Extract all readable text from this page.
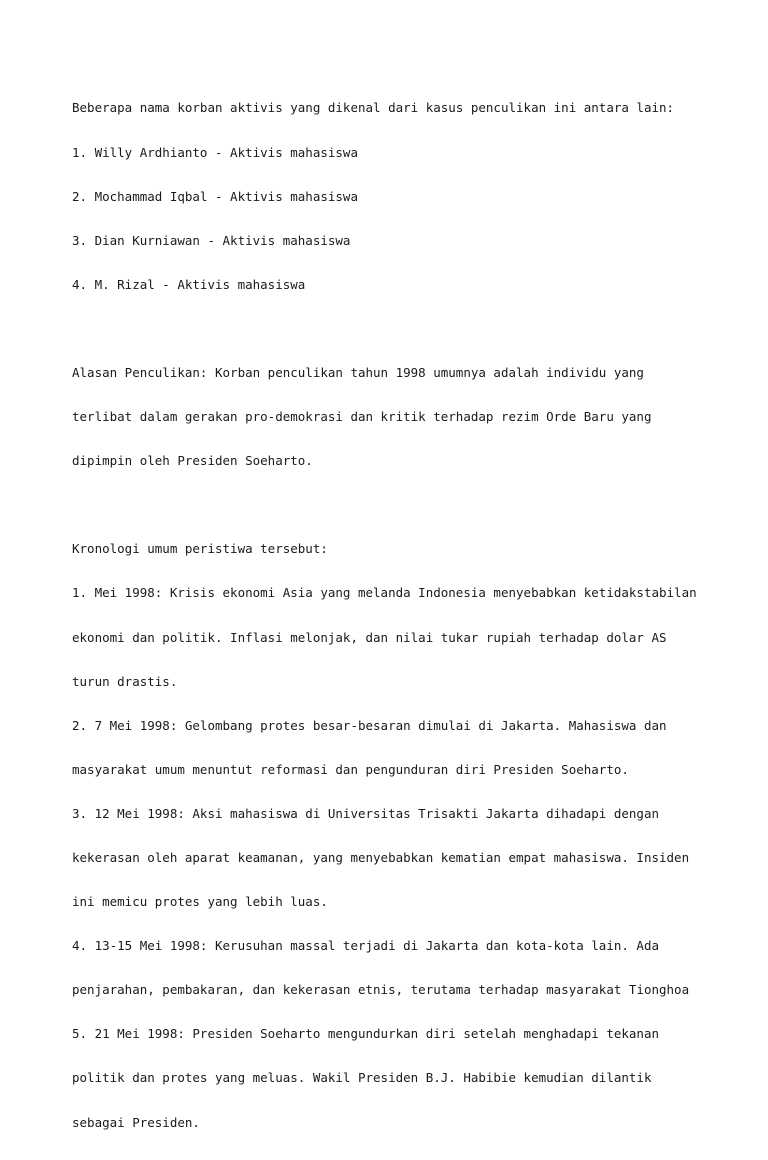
Beberapa nama korban aktivis yang dikenal dari kasus penculikan ini antara lain:

1. Willy Ardhianto - Aktivis mahasiswa

2. Mochammad Iqbal - Aktivis mahasiswa

3. Dian Kurniawan - Aktivis mahasiswa

4. M. Rizal - Aktivis mahasiswa

Alasan Penculikan: Korban penculikan tahun 1998 umumnya adalah individu yang

terlibat dalam gerakan pro-demokrasi dan kritik terhadap rezim Orde Baru yang

dipimpin oleh Presiden Soeharto.

Kronologi umum peristiwa tersebut:

1. Mei 1998: Krisis ekonomi Asia yang melanda Indonesia menyebabkan ketidakstabilan

ekonomi dan politik. Inflasi melonjak, dan nilai tukar rupiah terhadap dolar AS

turun drastis.

2. 7 Mei 1998: Gelombang protes besar-besaran dimulai di Jakarta. Mahasiswa dan

masyarakat umum menuntut reformasi dan pengunduran diri Presiden Soeharto.

3. 12 Mei 1998: Aksi mahasiswa di Universitas Trisakti Jakarta dihadapi dengan

kekerasan oleh aparat keamanan, yang menyebabkan kematian empat mahasiswa. Insiden

ini memicu protes yang lebih luas.

4. 13-15 Mei 1998: Kerusuhan massal terjadi di Jakarta dan kota-kota lain. Ada

penjarahan, pembakaran, dan kekerasan etnis, terutama terhadap masyarakat Tionghoa

5. 21 Mei 1998: Presiden Soeharto mengundurkan diri setelah menghadapi tekanan

politik dan protes yang meluas. Wakil Presiden B.J. Habibie kemudian dilantik

sebagai Presiden.
